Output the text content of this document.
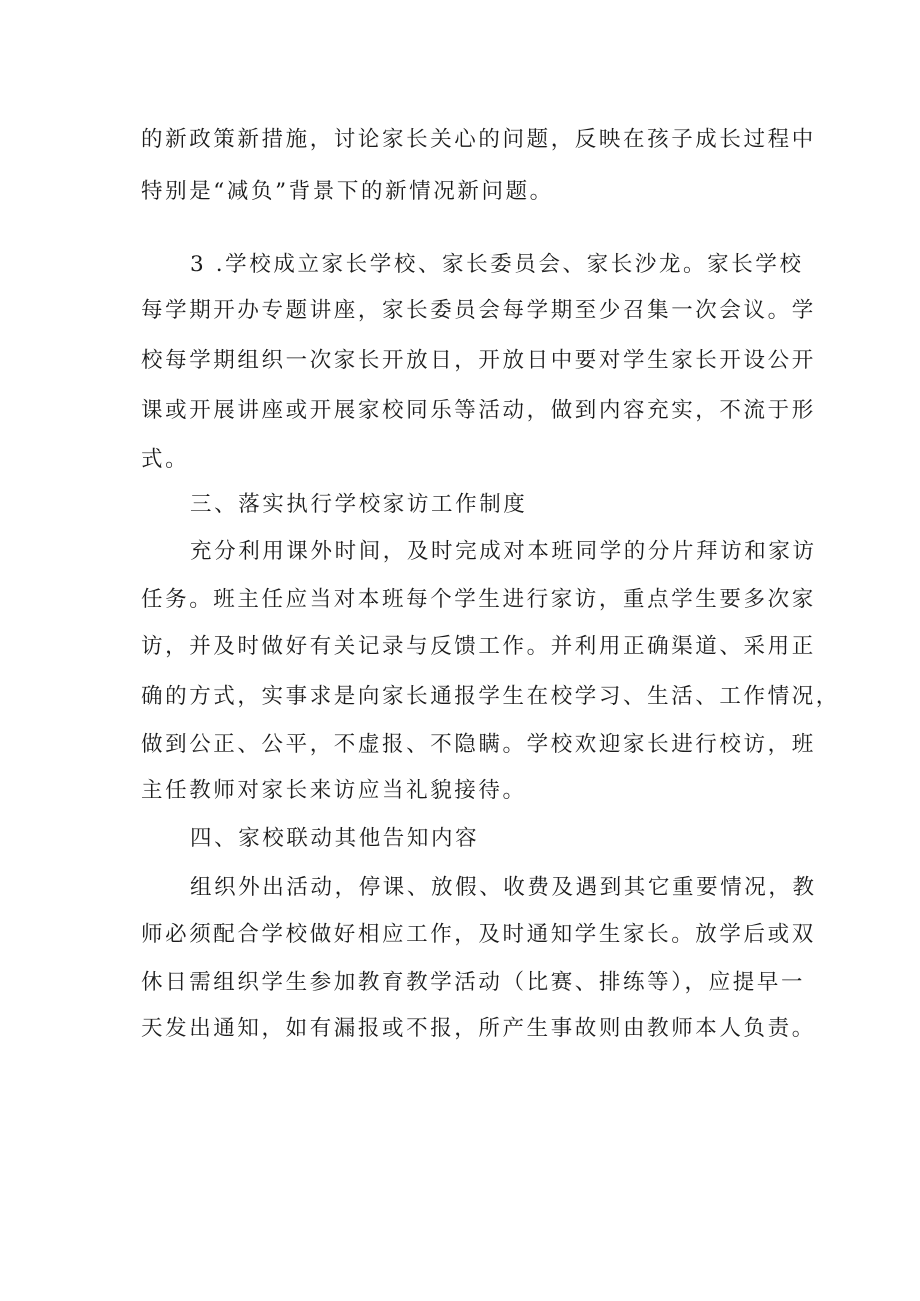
的新政策新措施，讨论家长关心的问题，反映在孩子成长过程中
特别是“减负”背景下的新情况新问题。
3 .学校成立家长学校、家长委员会、家长沙龙。家长学校
每学期开办专题讲座，家长委员会每学期至少召集一次会议。学
校每学期组织一次家长开放日，开放日中要对学生家长开设公开
课或开展讲座或开展家校同乐等活动，做到内容充实，不流于形
式。
三、落实执行学校家访工作制度
充分利用课外时间，及时完成对本班同学的分片拜访和家访
任务。班主任应当对本班每个学生进行家访，重点学生要多次家
访，并及时做好有关记录与反馈工作。并利用正确渠道、采用正
确的方式，实事求是向家长通报学生在校学习、生活、工作情况，
做到公正、公平，不虚报、不隐瞒。学校欢迎家长进行校访，班
主任教师对家长来访应当礼貌接待。
四、家校联动其他告知内容
组织外出活动，停课、放假、收费及遇到其它重要情况，教
师必须配合学校做好相应工作，及时通知学生家长。放学后或双
休日需组织学生参加教育教学活动（比赛、排练等），应提早一
天发出通知，如有漏报或不报，所产生事故则由教师本人负责。
